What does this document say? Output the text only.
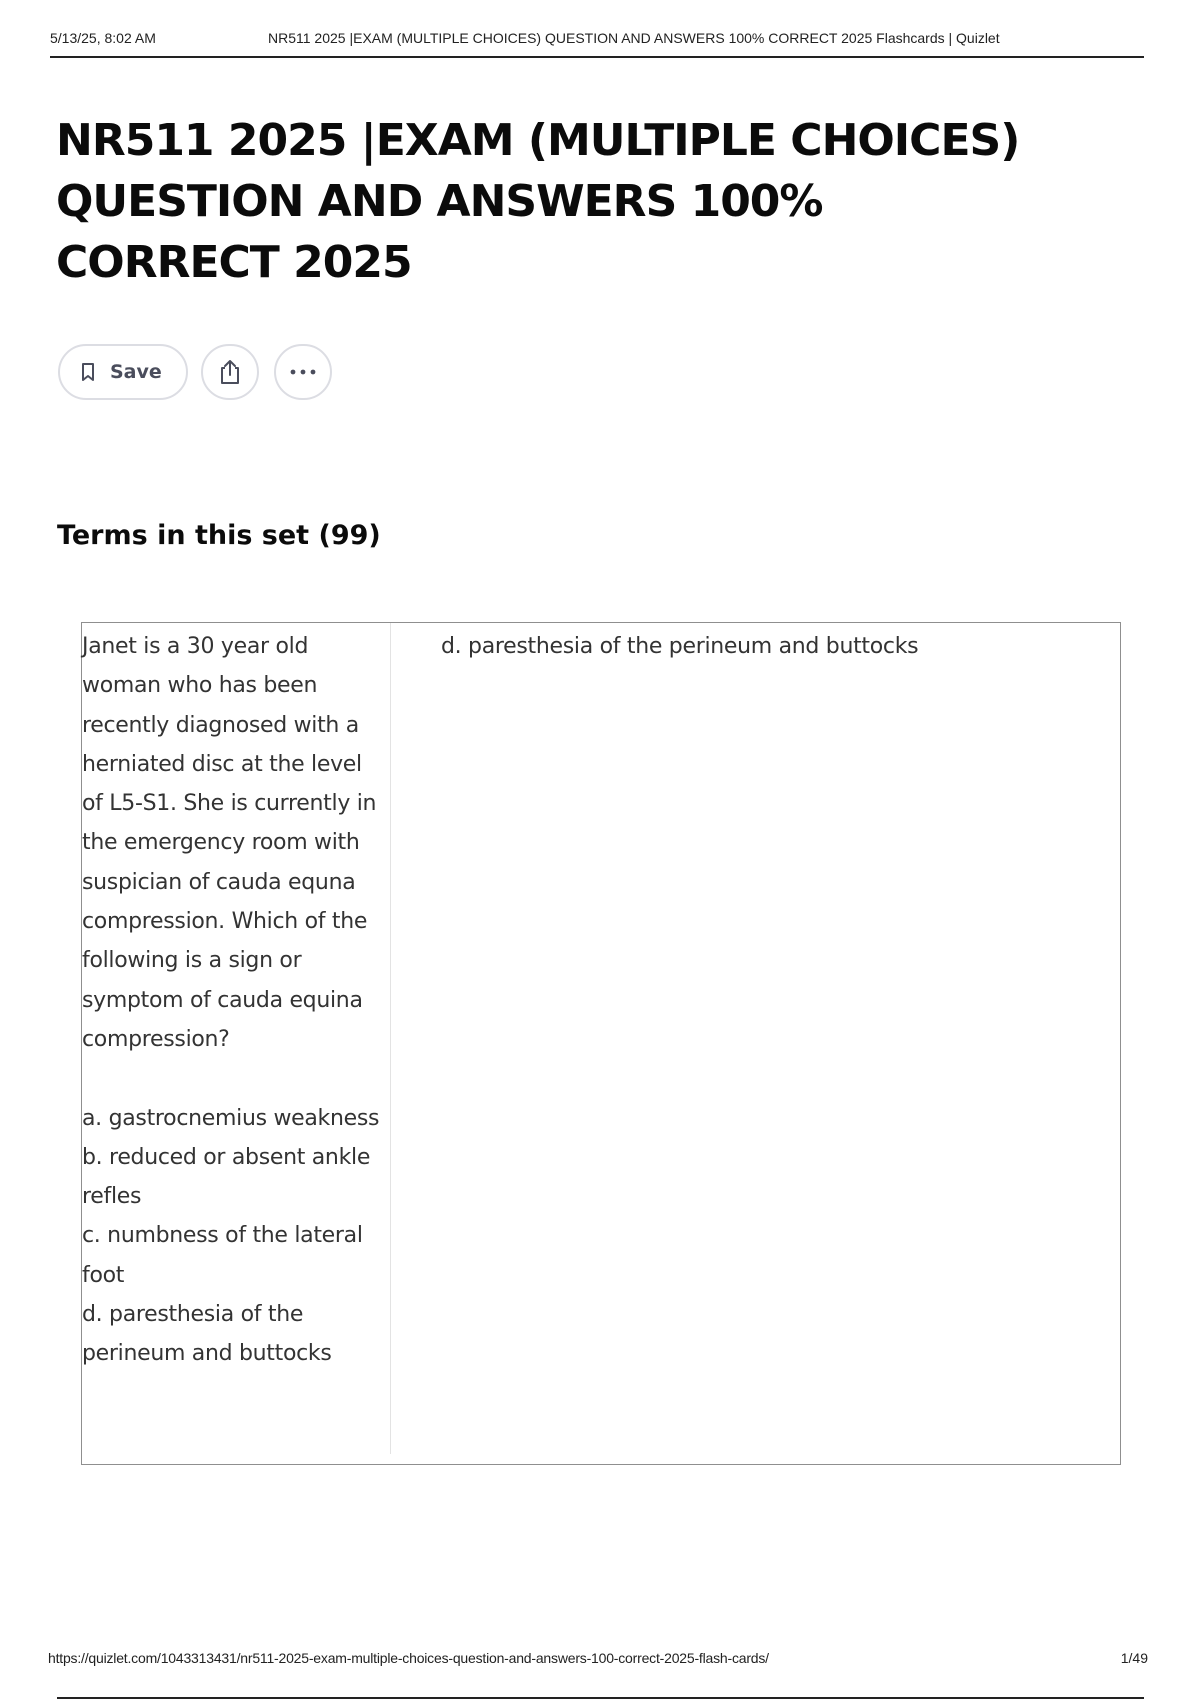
5/13/25, 8:02 AM	NR511 2025 |EXAM (MULTIPLE CHOICES) QUESTION AND ANSWERS 100% CORRECT 2025 Flashcards | Quizlet
NR511 2025 |EXAM (MULTIPLE CHOICES) QUESTION AND ANSWERS 100% CORRECT 2025
Save
Terms in this set (99)
Janet is a 30 year old woman who has been recently diagnosed with a herniated disc at the level of L5-S1. She is currently in the emergency room with suspician of cauda equna compression. Which of the following is a sign or symptom of cauda equina compression?

a. gastrocnemius weakness
b. reduced or absent ankle refles
c. numbness of the lateral foot
d. paresthesia of the perineum and buttocks
d. paresthesia of the perineum and buttocks
https://quizlet.com/1043313431/nr511-2025-exam-multiple-choices-question-and-answers-100-correct-2025-flash-cards/	1/49
